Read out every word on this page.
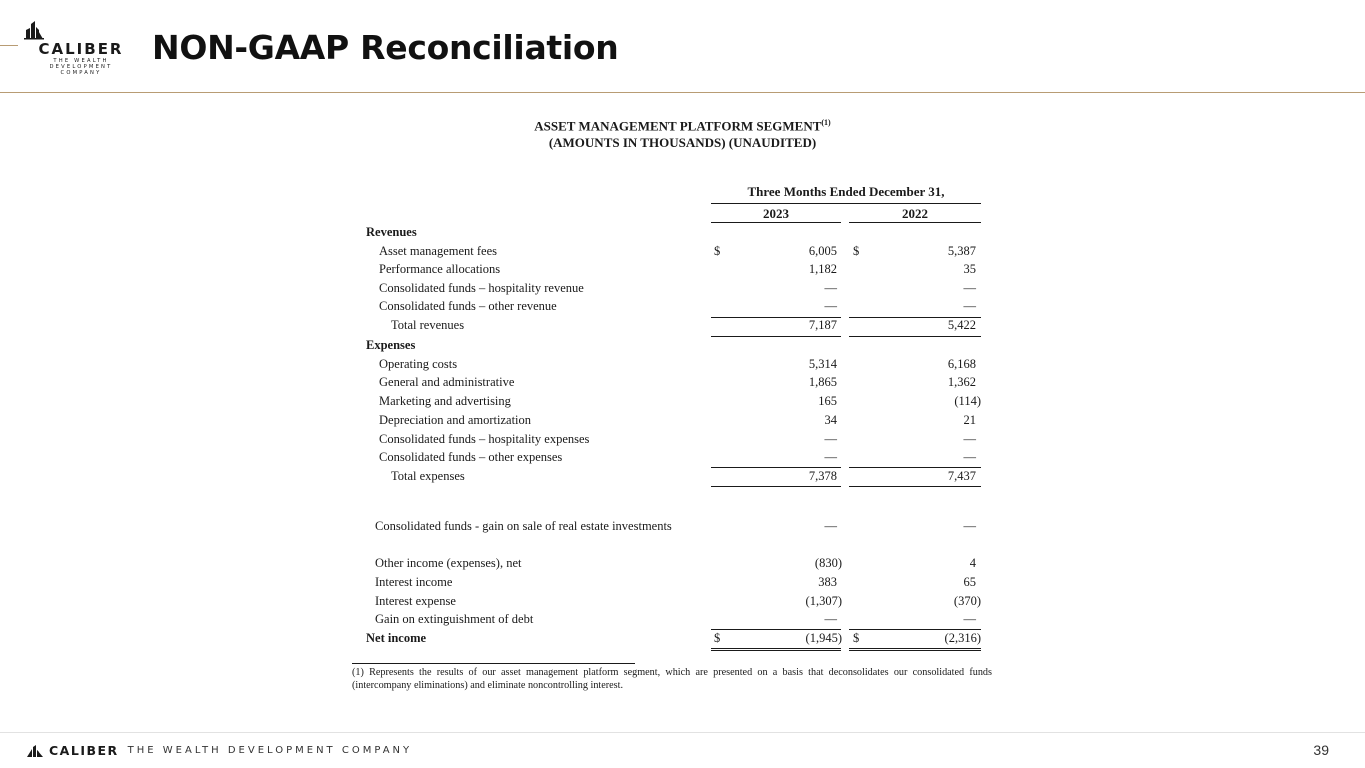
CALIBER
THE WEALTH DEVELOPMENT
COMPANY
NON-GAAP Reconciliation
ASSET MANAGEMENT PLATFORM SEGMENT$^{(1)}$
(AMOUNTS IN THOUSANDS) (UNAUDITED)
Three Months Ended December 31,
2023	2022
Revenues
Asset management fees	$	6,005 $	5,387
Performance allocations	1,182	35
Consolidated funds – hospitality revenue	—	—
Consolidated funds – other revenue	—	—
Total revenues	7,187	5,422
Expenses
Operating costs	5,314	6,168
General and administrative	1,865	1,362
Marketing and advertising	165	(114)
Depreciation and amortization	34	21
Consolidated funds – hospitality expenses	—	—
Consolidated funds – other expenses	—	—
Total expenses	7,378	7,437
Consolidated funds - gain on sale of real estate investments	—	—
Other income (expenses), net	(830)	4
Interest income	383	65
Interest expense	(1,307)	(370)
Gain on extinguishment of debt	—	—
Net income	$	(1,945) $	(2,316)
(1) Represents the results of our asset management platform segment, which are presented on a basis that deconsolidates our consolidated funds (intercompany eliminations) and eliminate noncontrolling interest.
CALIBER THE WEALTH DEVELOPMENT COMPANY	39
